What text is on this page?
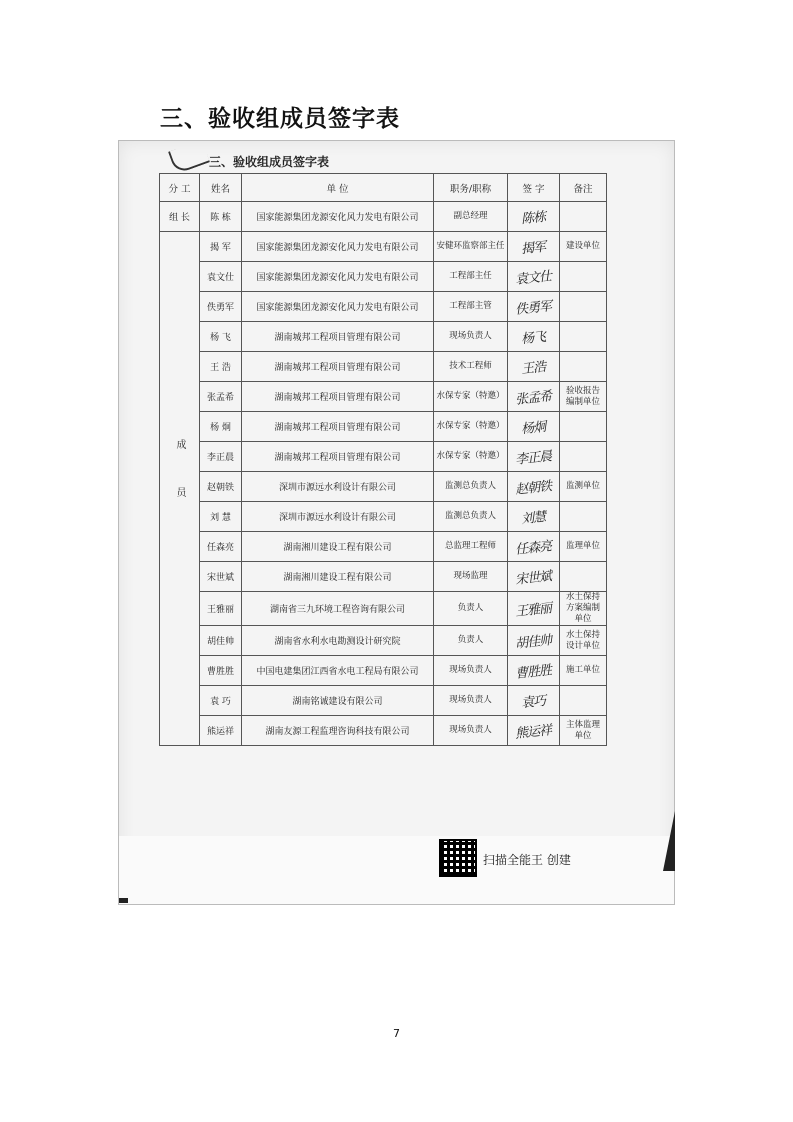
三、验收组成员签字表
三、验收组成员签字表
分 工	姓名	单 位	职务/职称	签 字	备注
组 长	陈 栋	国家能源集团龙源安化风力发电有限公司	副总经理	陈栋	
成员	揭 军	国家能源集团龙源安化风力发电有限公司	安健环监察部主任	揭军	建设单位
	袁文仕	国家能源集团龙源安化风力发电有限公司	工程部主任	袁文仕	
	佚勇军	国家能源集团龙源安化风力发电有限公司	工程部主管	佚勇军	
	杨 飞	湖南城邦工程项目管理有限公司	现场负责人	杨飞	
	王 浩	湖南城邦工程项目管理有限公司	技术工程师	王浩	
	张孟希	湖南城邦工程项目管理有限公司	水保专家（特邀）	张孟希	验收报告编制单位
	杨 炯	湖南城邦工程项目管理有限公司	水保专家（特邀）	杨炯	
	李正晨	湖南城邦工程项目管理有限公司	水保专家（特邀）	李正晨	
	赵朝铁	深圳市源远水利设计有限公司	监测总负责人	赵朝铁	监测单位
	刘 慧	深圳市源远水利设计有限公司	监测总负责人	刘慧	
	任森亮	湖南湘川建设工程有限公司	总监理工程师	任森亮	监理单位
	宋世斌	湖南湘川建设工程有限公司	现场监理	宋世斌	
	王雅丽	湖南省三九环境工程咨询有限公司	负责人	王雅丽	水土保持方案编制单位
	胡佳帅	湖南省水利水电勘测设计研究院	负责人	胡佳帅	水土保持设计单位
	曹胜胜	中国电建集团江西省水电工程局有限公司	现场负责人	曹胜胜	施工单位
	袁 巧	湖南铭诚建设有限公司	现场负责人	袁巧	
	熊运祥	湖南友源工程监理咨询科技有限公司	现场负责人	熊运祥	主体监理单位
扫描全能王 创建
7
